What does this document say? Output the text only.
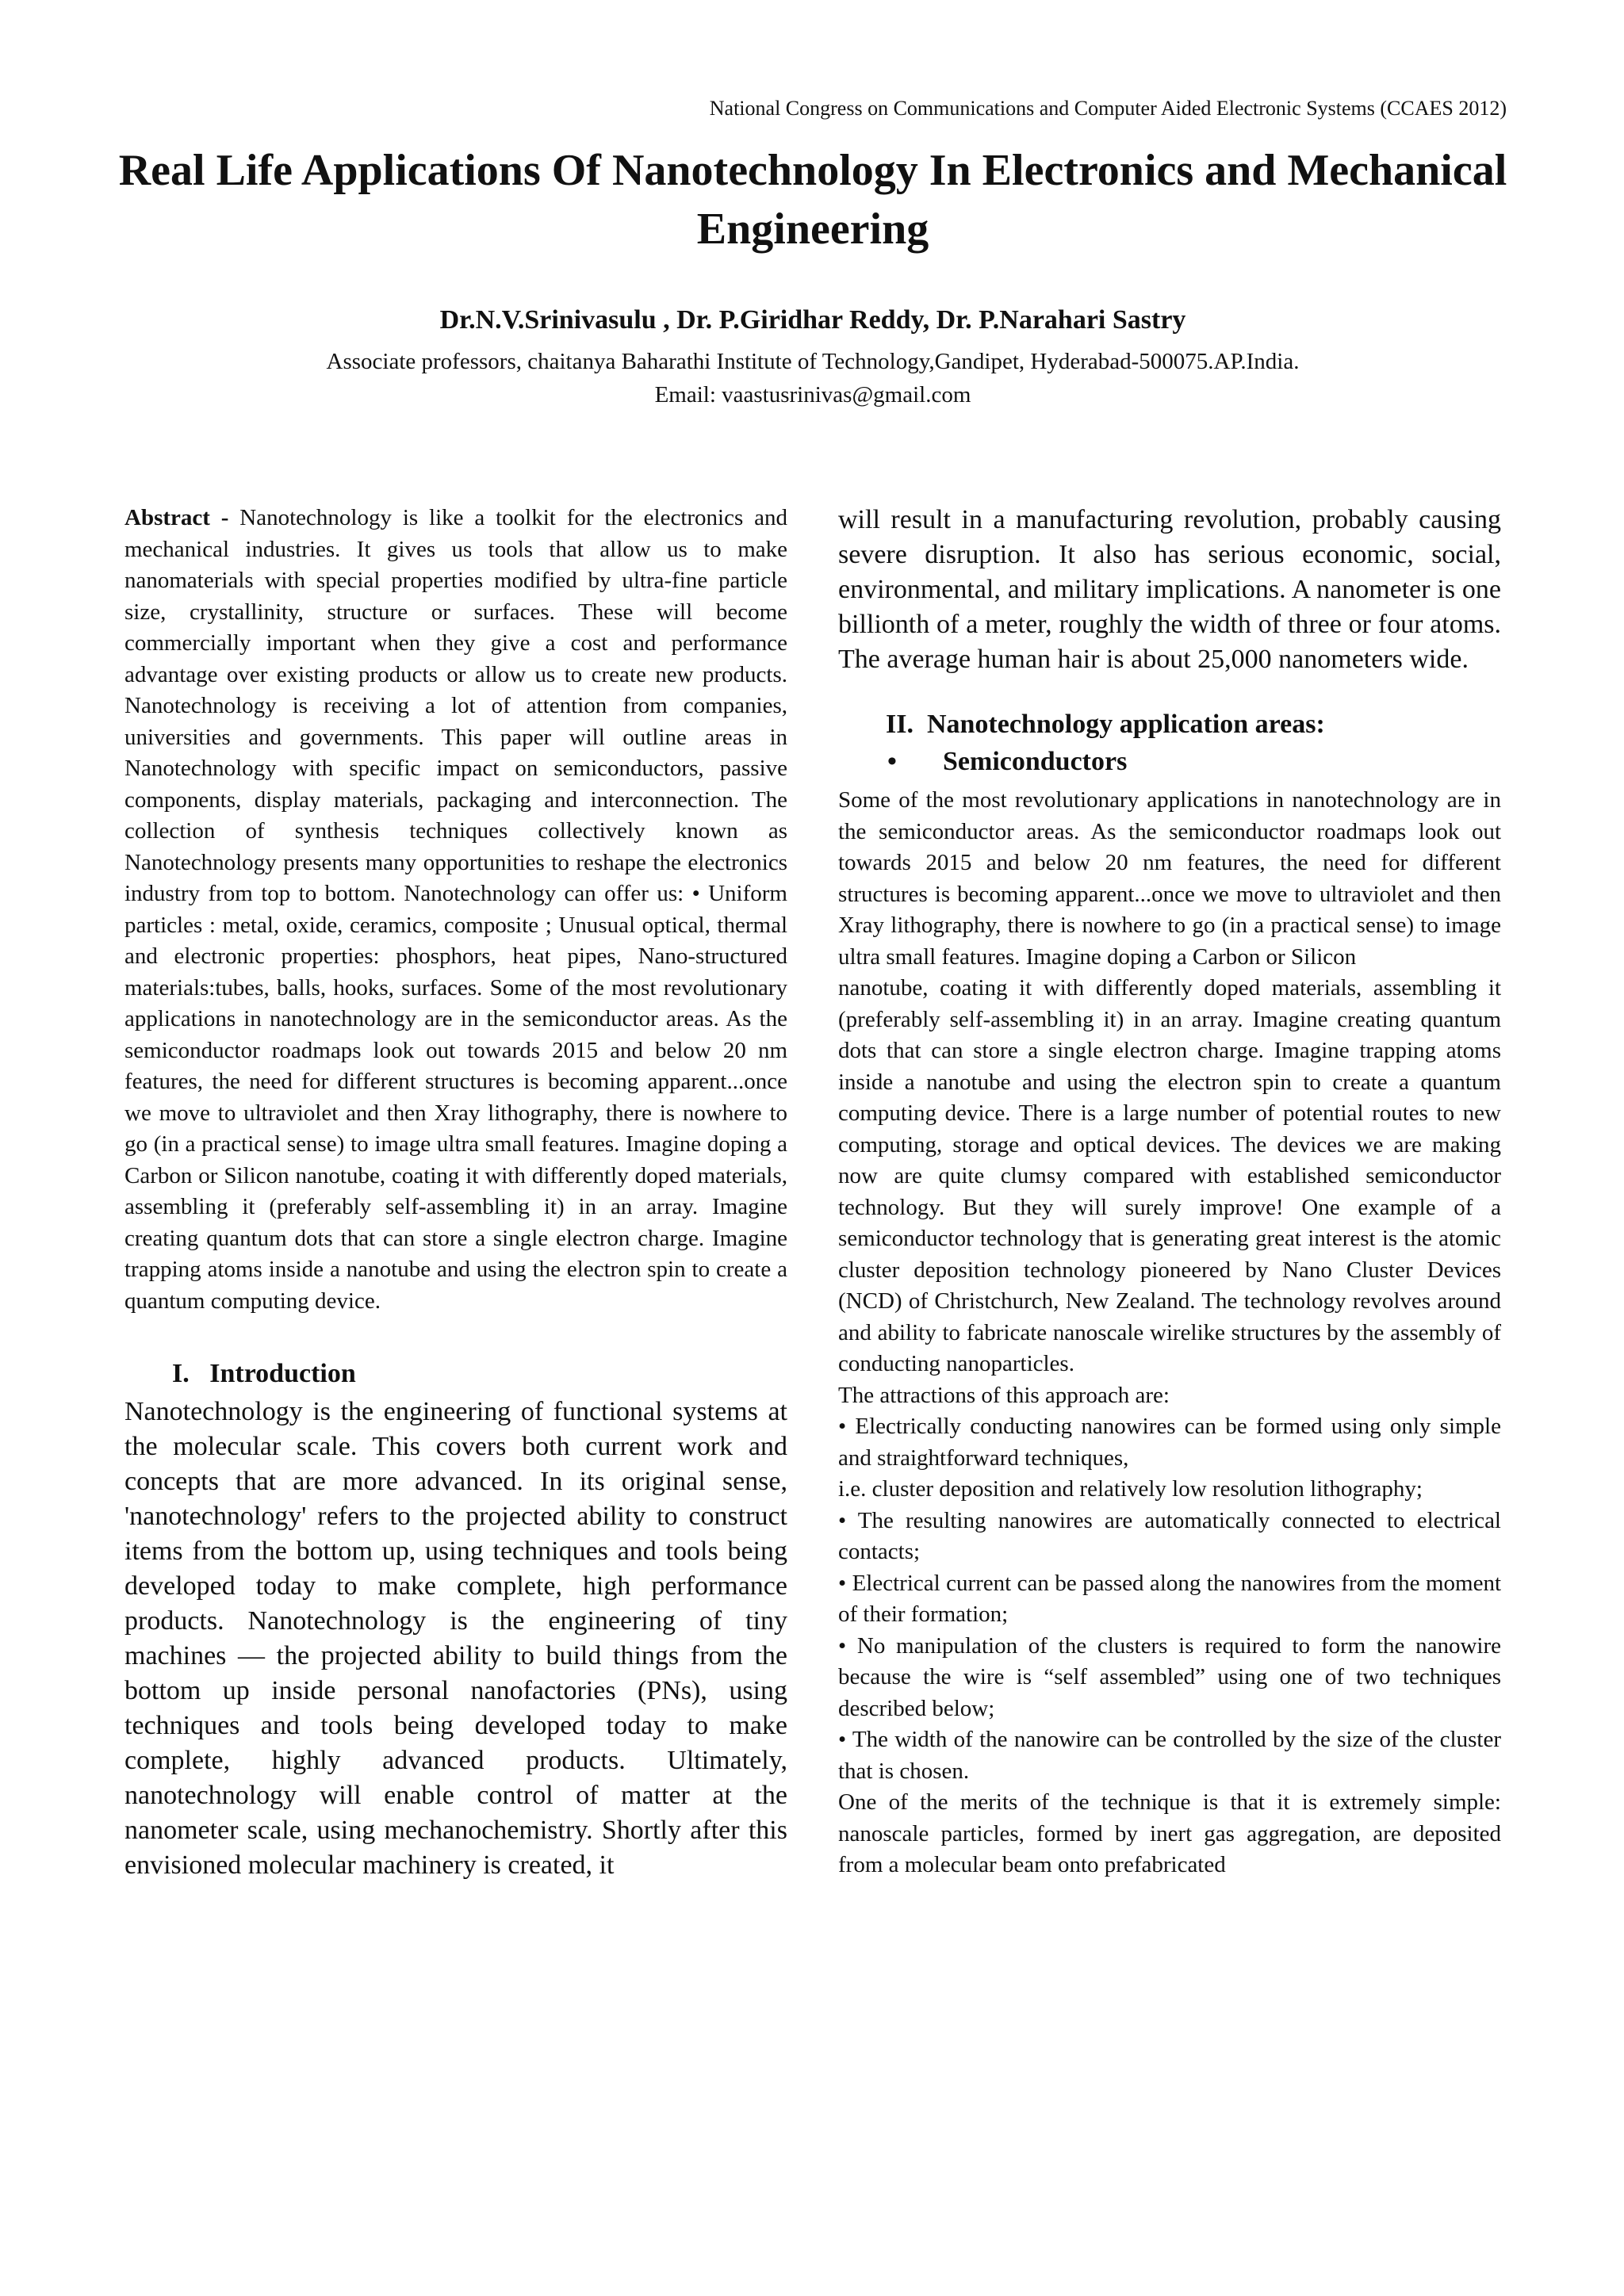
National Congress on Communications and Computer Aided Electronic Systems (CCAES 2012)
Real Life Applications Of Nanotechnology In Electronics and Mechanical Engineering
Dr.N.V.Srinivasulu , Dr. P.Giridhar Reddy, Dr. P.Narahari Sastry
Associate professors, chaitanya Baharathi Institute of Technology,Gandipet, Hyderabad-500075.AP.India.
Email: vaastusrinivas@gmail.com

Abstract - Nanotechnology is like a toolkit for the electronics and mechanical industries. It gives us tools that allow us to make nanomaterials with special properties modified by ultra-fine particle size, crystallinity, structure or surfaces. These will become commercially important when they give a cost and performance advantage over existing products or allow us to create new products. Nanotechnology is receiving a lot of attention from companies, universities and governments. This paper will outline areas in Nanotechnology with specific impact on semiconductors, passive components, display materials, packaging and interconnection. The collection of synthesis techniques collectively known as Nanotechnology presents many opportunities to reshape the electronics industry from top to bottom. Nanotechnology can offer us: • Uniform particles : metal, oxide, ceramics, composite ; Unusual optical, thermal and electronic properties: phosphors, heat pipes, Nano-structured materials:tubes, balls, hooks, surfaces. Some of the most revolutionary applications in nanotechnology are in the semiconductor areas. As the semiconductor roadmaps look out towards 2015 and below 20 nm features, the need for different structures is becoming apparent...once we move to ultraviolet and then Xray lithography, there is nowhere to go (in a practical sense) to image ultra small features. Imagine doping a Carbon or Silicon nanotube, coating it with differently doped materials, assembling it (preferably self-assembling it) in an array. Imagine creating quantum dots that can store a single electron charge. Imagine trapping atoms inside a nanotube and using the electron spin to create a quantum computing device.

I. Introduction

Nanotechnology is the engineering of functional systems at the molecular scale. This covers both current work and concepts that are more advanced. In its original sense, 'nanotechnology' refers to the projected ability to construct items from the bottom up, using techniques and tools being developed today to make complete, high performance products. Nanotechnology is the engineering of tiny machines — the projected ability to build things from the bottom up inside personal nanofactories (PNs), using techniques and tools being developed today to make complete, highly advanced products. Ultimately, nanotechnology will enable control of matter at the nanometer scale, using mechanochemistry. Shortly after this envisioned molecular machinery is created, it

will result in a manufacturing revolution, probably causing severe disruption. It also has serious economic, social, environmental, and military implications. A nanometer is one billionth of a meter, roughly the width of three or four atoms. The average human hair is about 25,000 nanometers wide.

II. Nanotechnology application areas:
• Semiconductors

Some of the most revolutionary applications in nanotechnology are in the semiconductor areas. As the semiconductor roadmaps look out towards 2015 and below 20 nm features, the need for different structures is becoming apparent...once we move to ultraviolet and then Xray lithography, there is nowhere to go (in a practical sense) to image ultra small features. Imagine doping a Carbon or Silicon

nanotube, coating it with differently doped materials, assembling it (preferably self-assembling it) in an array. Imagine creating quantum dots that can store a single electron charge. Imagine trapping atoms inside a nanotube and using the electron spin to create a quantum computing device. There is a large number of potential routes to new computing, storage and optical devices. The devices we are making now are quite clumsy compared with established semiconductor technology. But they will surely improve! One example of a semiconductor technology that is generating great interest is the atomic cluster deposition technology pioneered by Nano Cluster Devices (NCD) of Christchurch, New Zealand. The technology revolves around and ability to fabricate nanoscale wirelike structures by the assembly of conducting nanoparticles.

The attractions of this approach are:

• Electrically conducting nanowires can be formed using only simple and straightforward techniques,

i.e. cluster deposition and relatively low resolution lithography;

• The resulting nanowires are automatically connected to electrical contacts;

• Electrical current can be passed along the nanowires from the moment of their formation;

• No manipulation of the clusters is required to form the nanowire because the wire is “self assembled” using one of two techniques described below;

• The width of the nanowire can be controlled by the size of the cluster that is chosen.

One of the merits of the technique is that it is extremely simple: nanoscale particles, formed by inert gas aggregation, are deposited from a molecular beam onto prefabricated
